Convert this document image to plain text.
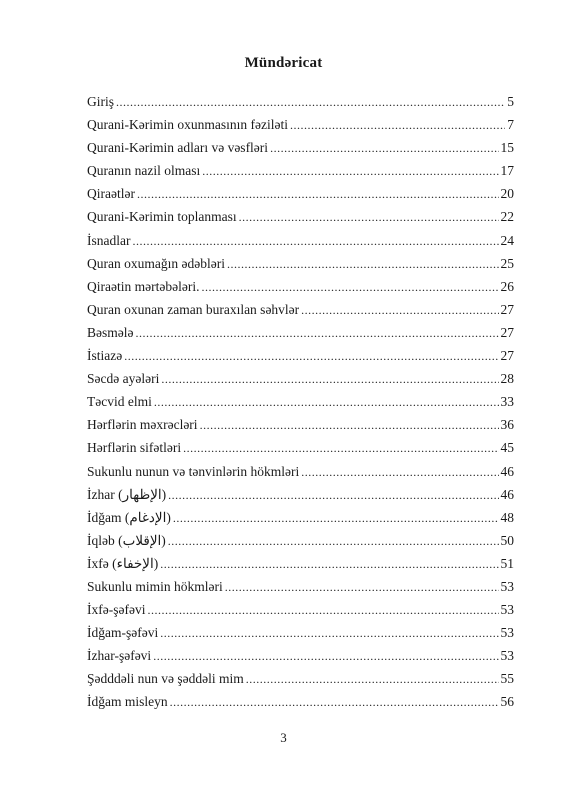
Mündəricat
Giriş .....	5
Qurani-Kərimin oxunmasının fəziləti .....	7
Qurani-Kərimin adları və vəsfləri .....	15
Quranın nazil olması .....	17
Qiraətlər .....	20
Qurani-Kərimin toplanması .....	22
İsnadlar .....	24
Quran oxumağın ədəbləri .....	25
Qiraətin mərtəbələri. .....	26
Quran oxunan zaman buraxılan səhvlər .....	27
Bəsmələ .....	27
İstiazə .....	27
Səcdə ayələri .....	28
Təcvid elmi .....	33
Hərflərin məxrəcləri .....	36
Hərflərin sifətləri .....	45
Sukunlu nunun və tənvinlərin hökmləri .....	46
İzhar (الإظهار) .....	46
İdğam (الإدغام) .....	48
İqləb (الإقلاب) .....	50
İxfə (الإخفاء) .....	51
Sukunlu mimin hökmləri .....	53
İxfə-şəfəvi .....	53
İdğam-şəfəvi .....	53
İzhar-şəfəvi .....	53
Şədddəli nun və şəddəli mim .....	55
İdğam misleyn .....	56
3
